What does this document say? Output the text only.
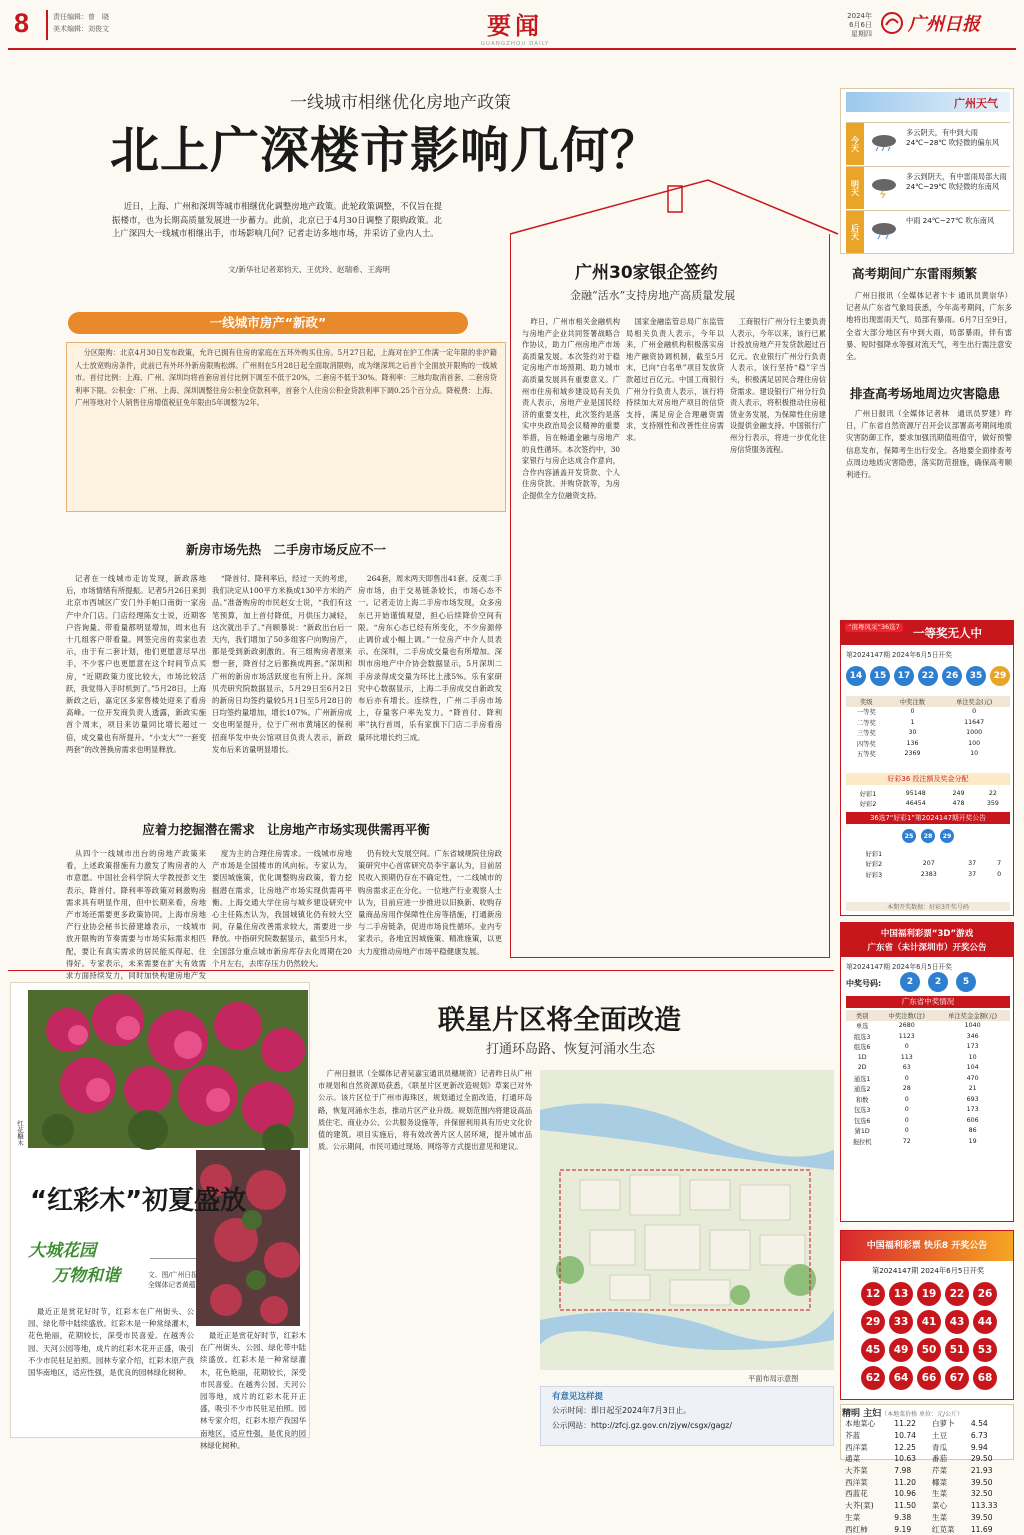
8	责任编辑：曾　晓
美术编辑：刘俊文	要闻
GUANGZHOU DAILY
2024年
6月6日
星期四 广州日报
一线城市相继优化房地产政策
北上广深楼市影响几何？
近日，上海、广州和深圳等城市相继优化调整房地产政策。此轮政策调整，不仅旨在提振楼市，也为长期高质量发展进一步蓄力。此前，北京已于4月30日调整了限购政策。北上广深四大一线城市相继出手，市场影响几何？记者走访多地市场，并采访了业内人士。
文/新华社记者郑钧天、王优玲、赵瑞希、王海明	广州30家银企签约
金融“活水”支持房地产高质量发展
一线城市房产“新政”
分区限购：北京4月30日发布政策，允许已拥有住房的家庭在五环外购买住房。5月27日起，上海对在沪工作满一定年限的非沪籍人士放宽购房条件，此前已有外环外新房限购松绑。广州则在5月28日起全面取消限购，成为继深圳之后首个全面放开限购的一线城市。首付比例：上海、广州、深圳均将首套房首付比例下调至不低于20%，二套房不低于30%。降利率：三地均取消首套、二套房贷利率下限。公积金：广州、上海、深圳调整住房公积金贷款利率，首套个人住房公积金贷款利率下调0.25个百分点。降税费：上海、广州等地对个人销售住房增值税征免年限由5年调整为2年。
新房市场先热　二手房市场反应不一

记者在一线城市走访发现，新政落地后，市场情绪有所提振。记者5月26日来到北京市西城区广安门外手帕口南街一家房产中介门店。门店经理陈女士说，近期客户咨询量、带看量都明显增加，周末也有十几组客户带看量。网签完房的卖家也表示，由于有二套计划，他们更愿意尽早出手，不少客户也更愿意在这个时间节点买房，“近期政策力度比较大，市场比较活跃，我觉得入手时机到了。”5月28日，上海新政之后，嘉定区多家售楼处迎来了看房高峰。一位开发商负责人透露，新政实施首个周末，项目来访量同比增长超过一倍，成交量也有所提升。“小支大”“一套变两套”的改善换房需求也明显释放。

“降首付、降利率后，经过一天的考虑，我们决定从100平方米换成130平方米的产品。”准备购房的市民赵女士说，“我们有这笔预算，加上首付降低，月供压力减轻，这次就出手了。”肖顾暴说：“新政出台后一天内，我们增加了50多组客户向购房产，都是受到新政刺激的。有三组购房者原来想一套，降首付之后都换成两套。”深圳和广州的新房市场活跃度也有所上升。深圳贝壳研究院数据显示，5月29日至6月2日的新房日均签约量较5月1日至5月28日的日均签约量增加，增长107%。广州新房成交也明显提升，位于广州市黄埔区的保利招商华发中央公馆项目负责人表示，新政发布后来访量明显增长。

264套，周末两天即售出41套。反观二手房市场，由于交易链条较长，市场心态不一。记者走访上海二手房市场发现，众多房东已开始谨慎观望，担心后续降价空间有限。“房东心态已经有所变化，不少房源停止调价或小幅上调。”一位房产中介人员表示。在深圳，二手房成交量也有所增加。深圳市房地产中介协会数据显示，5月深圳二手房录得成交量为环比上涨5%。乐有家研究中心数据显示，上海二手房成交自新政发布后亦有增长。连续性，广州二手房市场上，存量客户率先发力。“降首付、降利率”执行首周，乐有家旗下门店二手房看房量环比增长约三成。

应着力挖掘潜在需求　让房地产市场实现供需再平衡

从四个一线城市出台的房地产政策来看，上述政策措施有力激发了购房者的入市意愿。中国社会科学院大学教授彭文生表示，降首付、降利率等政策对刺激购房需求具有明显作用，但中长期来看，房地产市场还需要更多政策协同。上海市房地产行业协会秘书长薛建雄表示，一线城市放开限购的节奏需要与市场实际需求相匹配，要让有真实需求的居民能买得起、住得好。专家表示，未来需要在扩大有效需求方面持续发力，同时加快构建房地产发

度为主的合理住房需求。一线城市房地产市场是全国楼市的风向标。专家认为，要因城施策，优化调整购房政策，着力挖掘潜在需求，让房地产市场实现供需再平衡。上海交通大学住房与城乡建设研究中心主任陈杰认为，我国城镇化仍有较大空间，存量住房改善需求较大，需要进一步释放。中指研究院数据显示，截至5月末，全国部分重点城市新房库存去化周期在20个月左右，去库存压力仍然较大。

仍有较大发展空间。广东省城规院住房政策研究中心首席研究员李宇嘉认为，目前居民收入预期仍存在不确定性，一二线城市的购房需求正在分化。一位地产行业观察人士认为，目前应进一步推进以旧换新、收购存量商品房用作保障性住房等措施，打通新房与二手房链条，促进市场良性循环。业内专家表示，各地宜因城施策、精准施策，以更大力度推动房地产市场平稳健康发展。

昨日，广州市相关金融机构与房地产企业共同签署战略合作协议，助力广州房地产市场高质量发展。本次签约对于稳定房地产市场预期、助力城市高质量发展具有重要意义。广州市住房和城乡建设局有关负责人表示，房地产业是国民经济的重要支柱，此次签约是落实中央政治局会议精神的重要举措，旨在畅通金融与房地产的良性循环。本次签约中，30家银行与房企达成合作意向，合作内容涵盖开发贷款、个人住房贷款、并购贷款等，为房企提供全方位融资支持。

国家金融监管总局广东监管局相关负责人表示，今年以来，广州金融机构积极落实房地产融资协调机制，截至5月末，已向“白名单”项目发放贷款超过百亿元。中国工商银行广州分行负责人表示，该行将持续加大对房地产项目的信贷支持，满足房企合理融资需求，支持刚性和改善性住房需求。

工商银行广州分行主要负责人表示，今年以来，该行已累计投放房地产开发贷款超过百亿元。农业银行广州分行负责人表示，该行坚持“稳”字当头，积极满足居民合理住房信贷需求。建设银行广州分行负责人表示，将积极推动住房租赁业务发展，为保障性住房建设提供金融支持。中国银行广州分行表示，将进一步优化住房信贷服务流程。

广州天气
今天
多云阴天，有中到大雨 24℃~28℃ 吹轻微的偏东风
明天
多云到阴天，有中雷雨局部大雨 24℃~29℃ 吹轻微的东南风
后天
中雨 24℃~27℃ 吹东南风
高考期间广东雷雨频繁

广州日报讯（全媒体记者卞卡 通讯员黄崇华）记者从广东省气象局获悉，今年高考期间，广东多地将出现雷雨天气，局部有暴雨。6月7日至9日，全省大部分地区有中到大雨，局部暴雨，伴有雷暴、短时强降水等强对流天气，考生出行需注意安全。

排查高考场地周边灾害隐患

广州日报讯（全媒体记者林　通讯员罗建）昨日，广东省自然资源厅召开会议部署高考期间地质灾害防御工作，要求加强汛期值班值守，做好预警信息发布，保障考生出行安全。各地要全面排查考点周边地质灾害隐患，落实防范措施，确保高考顺利进行。

“南粤风采”36选7 一等奖无人中
第2024147期 2024年6月5日开奖
14	15	17	22	26	35	29
奖级	中奖注数	单注奖金(元)
一等奖	0	0
二等奖	1	11647
三等奖	30	1000
四等奖	136	100
五等奖	2369	10
好彩36 投注额及奖金分配
好彩1	95148	249	22
好彩2	46454	478	359
36选7“好彩1”第2024147期开奖公告
25	28	29
好彩1			
好彩2	207	37	7
好彩3	2383	37	0
本期开奖数据：好彩3开奖号码
中国福利彩票“3D”游戏
广东省（未计深圳市）开奖公告
第2024147期 2024年6月5日开奖
中奖号码:	2	2	5
广东省中奖情况
类别	中奖注数(注)	单注奖金金额(元)
单选	2680	1040
组选3	1123	346
组选6	0	173
1D	113	10
2D	63	104
通选1	0	470
通选2	28	21
和数	0	693
包选3	0	173
包选6	0	606
猜1D	0	86
拖拉机	72	19
中国福利彩票 快乐8 开奖公告
第2024147期 2024年6月5日开奖
12	13	19	22	26
29	33	41	43	44
45	49	50	51	53
62	64	66	67	68
精明 主妇（本地菜价格 单位：元/公斤）
本地菜心	11.22	白萝卜	4.54
芥蓝	10.74	土豆	6.73
西洋菜	12.25	青瓜	9.94
通菜	10.63	番茄	29.50
大芥菜	7.98	芹菜	21.93
西洋菜	11.20	椰菜	39.50
西蓝花	10.96	生菜	32.50
大芥(菜)	11.50	菜心	113.33
生菜	9.38	生菜	39.50
西红柿	9.19	红苋菜	11.69
红花檵木
“红彩木”初夏盛放
大城花园
万物和谐	文、图/广州日报全媒体记者黄蕴

最近正是赏花好时节，红彩木在广州街头、公园、绿化带中陆续盛放。红彩木是一种常绿灌木，花色艳丽，花期较长，深受市民喜爱。在越秀公园、天河公园等地，成片的红彩木花开正盛，吸引不少市民驻足拍照。园林专家介绍，红彩木原产我国华南地区，适应性强，是优良的园林绿化树种。

最近正是赏花好时节，红彩木在广州街头、公园、绿化带中陆续盛放。红彩木是一种常绿灌木，花色艳丽，花期较长，深受市民喜爱。在越秀公园、天河公园等地，成片的红彩木花开正盛，吸引不少市民驻足拍照。园林专家介绍，红彩木原产我国华南地区，适应性强，是优良的园林绿化树种。

联星片区将全面改造
打通环岛路、恢复河涌水生态

广州日报讯（全媒体记者吴嘉宝通讯员穗规资）记者昨日从广州市规划和自然资源局获悉，《联星片区更新改造规划》草案已对外公示。该片区位于广州市海珠区，规划通过全面改造，打通环岛路，恢复河涌水生态，推动片区产业升级。规划范围内将建设高品质住宅、商业办公、公共服务设施等，并保留利用具有历史文化价值的建筑。项目实施后，将有效改善片区人居环境，提升城市品质。公示期间，市民可通过现场、网络等方式提出意见和建议。

平面布局示意图
有意见这样提
公示时间：即日起至2024年7月3日止。
公示网站：http://zfcj.gz.gov.cn/zjyw/csgx/gagz/
